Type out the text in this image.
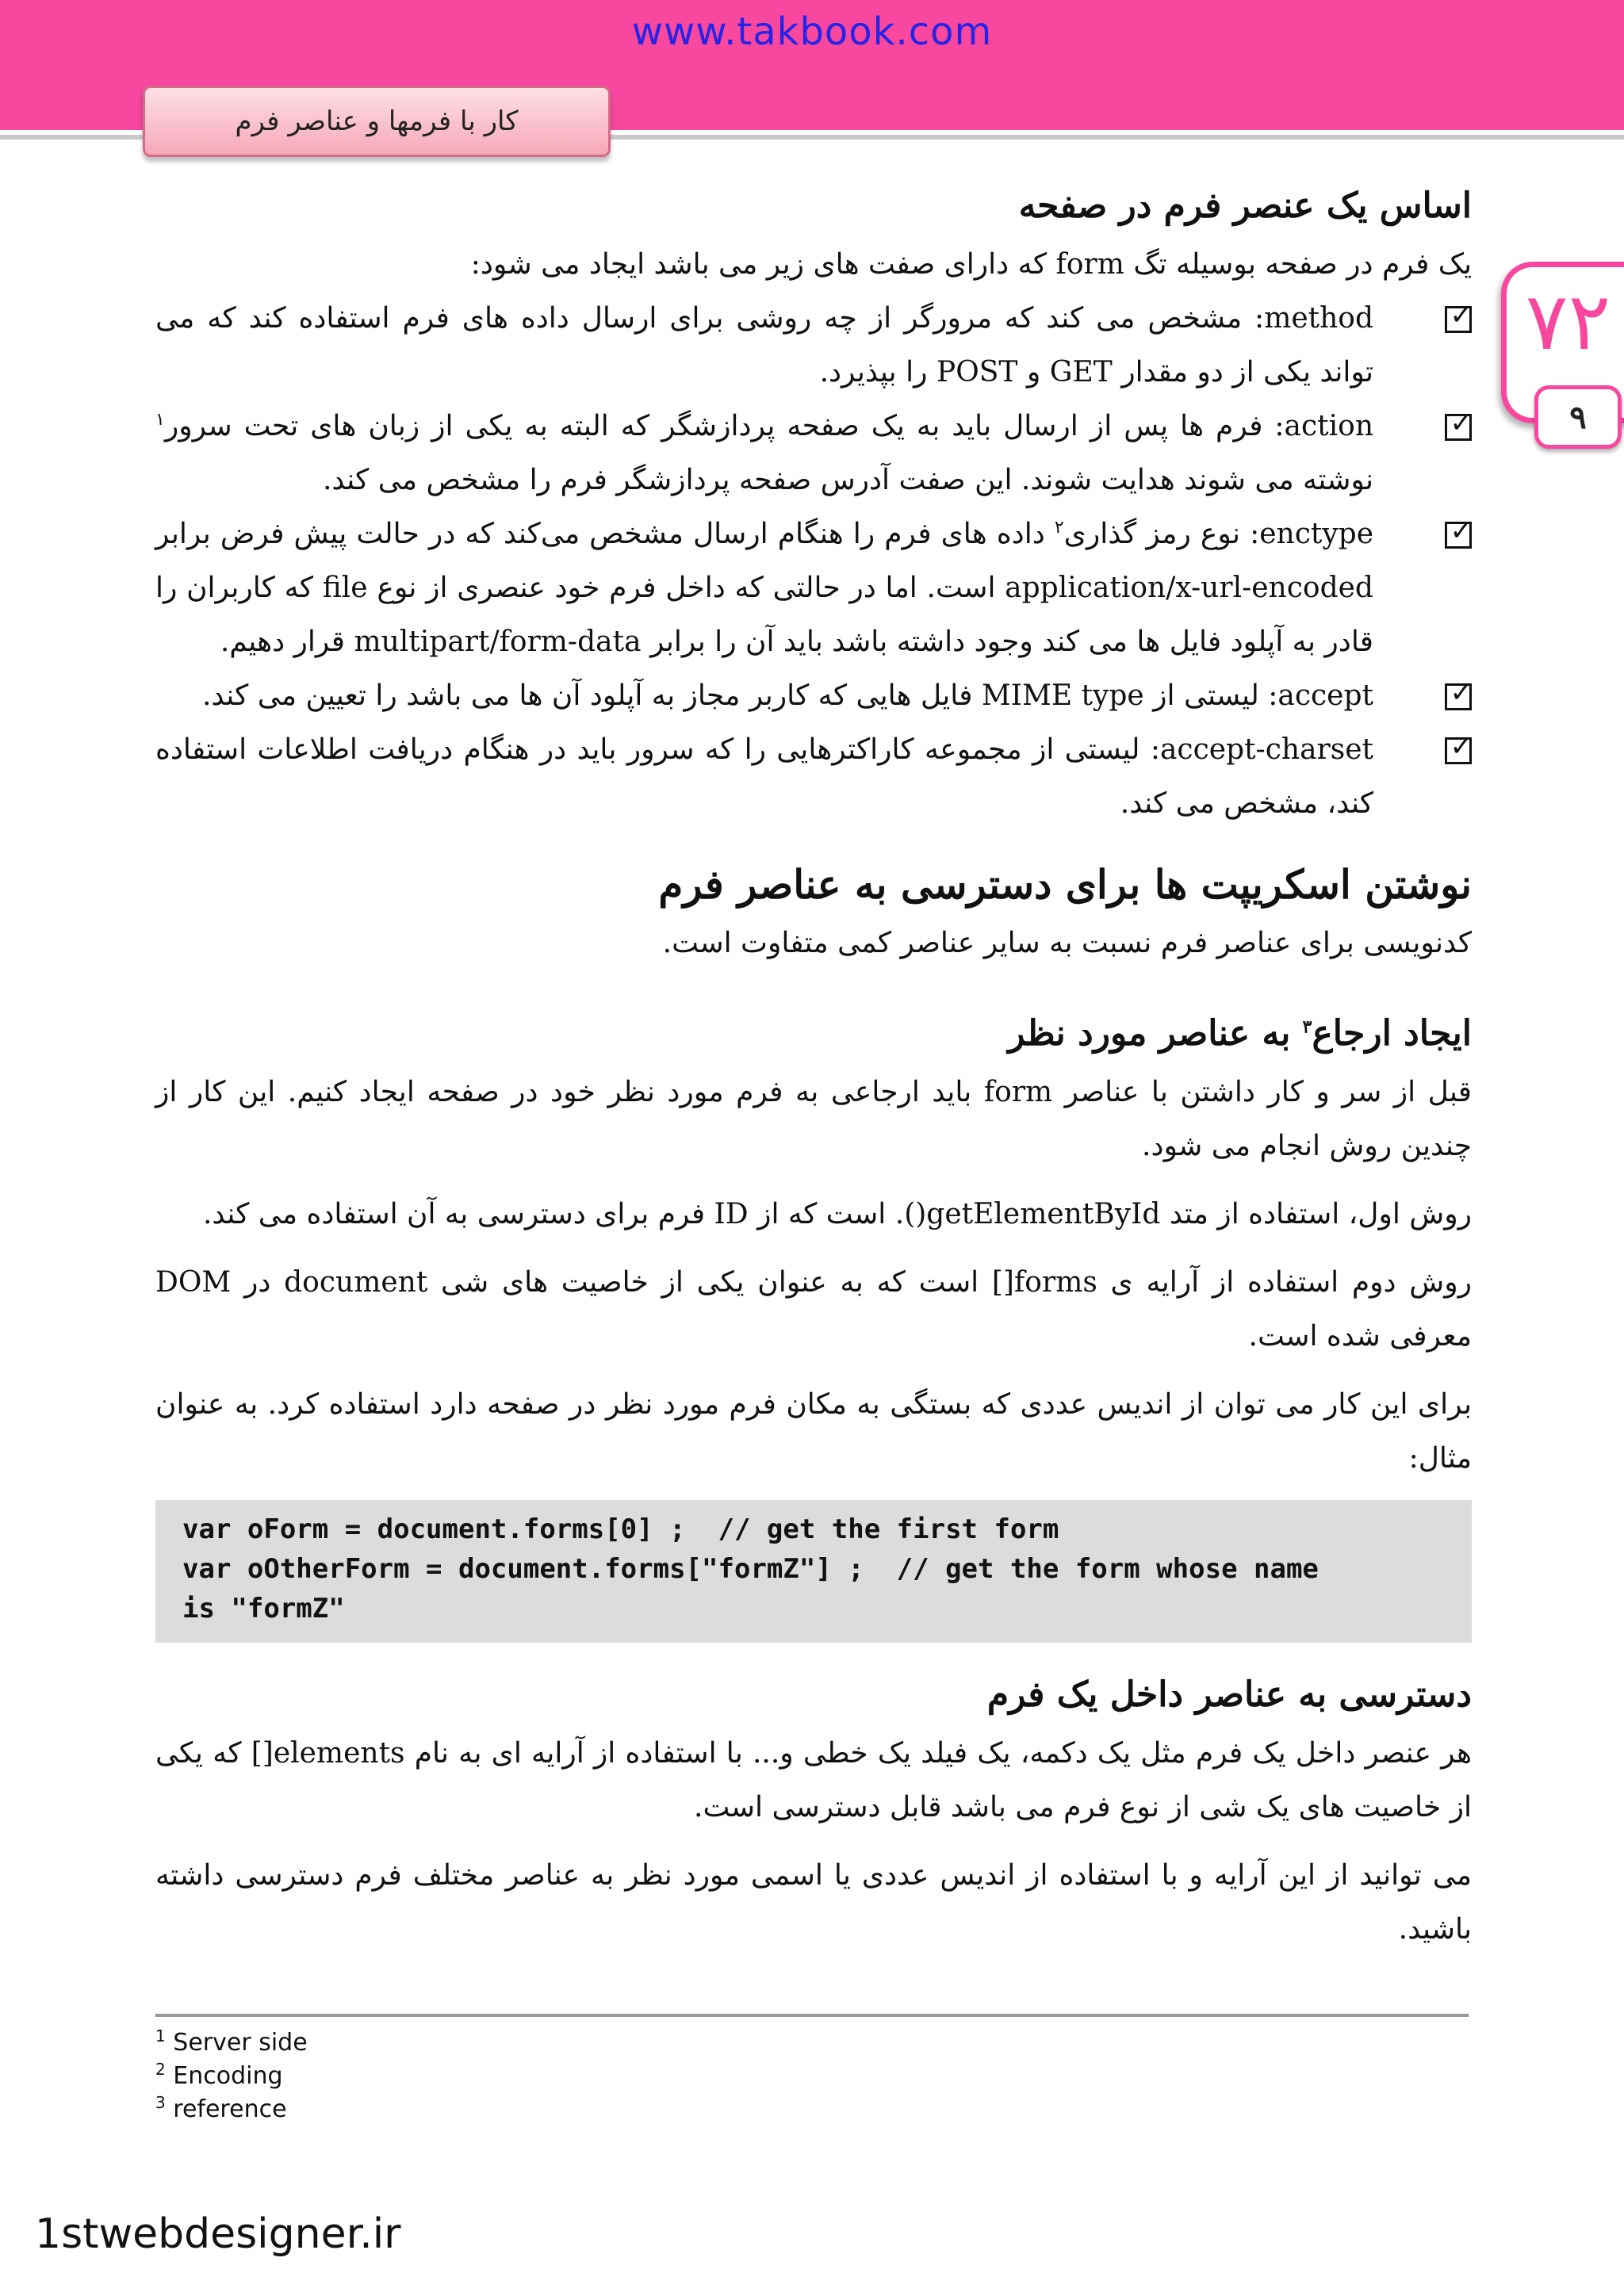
www.takbook.com
کار با فرمها و عناصر فرم
۷۲
۹
اساس یک عنصر فرم در صفحه

یک فرم در صفحه بوسیله تگ form که دارای صفت های زیر می باشد ایجاد می شود:

✓
method: مشخص می کند که مرورگر از چه روشی برای ارسال داده های فرم استفاده کند که می تواند یکی از دو مقدار GET و POST را بپذیرد.
✓
action: فرم ها پس از ارسال باید به یک صفحه پردازشگر که البته به یکی از زبان های تحت سرور$^۱$ نوشته می شوند هدایت شوند. این صفت آدرس صفحه پردازشگر فرم را مشخص می کند.
✓
enctype: نوع رمز گذاری$^۲$ داده های فرم را هنگام ارسال مشخص می‌کند که در حالت پیش فرض برابر application/x-url-encoded است. اما در حالتی که داخل فرم خود عنصری از نوع file که کاربران را قادر به آپلود فایل ها می کند وجود داشته باشد باید آن را برابر multipart/form-data قرار دهیم.
✓
accept: لیستی از MIME type فایل هایی که کاربر مجاز به آپلود آن ها می باشد را تعیین می کند.
✓
accept-charset: لیستی از مجموعه کاراکترهایی را که سرور باید در هنگام دریافت اطلاعات استفاده کند، مشخص می کند.
نوشتن اسکریپت ها برای دسترسی به عناصر فرم

کدنویسی برای عناصر فرم نسبت به سایر عناصر کمی متفاوت است.

ایجاد ارجاع$^۳$ به عناصر مورد نظر

قبل از سر و کار داشتن با عناصر form باید ارجاعی به فرم مورد نظر خود در صفحه ایجاد کنیم. این کار از چندین روش انجام می شود.

روش اول، استفاده از متد getElementById(). است که از ID فرم برای دسترسی به آن استفاده می کند.

روش دوم استفاده از آرایه ی forms[] است که به عنوان یکی از خاصیت های شی document در DOM معرفی شده است.

برای این کار می توان از اندیس عددی که بستگی به مکان فرم مورد نظر در صفحه دارد استفاده کرد. به عنوان مثال:

var oForm = document.forms[0] ;  // get the first form
var oOtherForm = document.forms["formZ"] ;  // get the form whose name
is "formZ"
دسترسی به عناصر داخل یک فرم

هر عنصر داخل یک فرم مثل یک دکمه، یک فیلد یک خطی و... با استفاده از آرایه ای به نام elements[] که یکی از خاصیت های یک شی از نوع فرم می باشد قابل دسترسی است.

می توانید از این آرایه و با استفاده از اندیس عددی یا اسمی مورد نظر به عناصر مختلف فرم دسترسی داشته باشید.

$^1$ Server side
$^2$ Encoding
$^3$ reference
1stwebdesigner.ir
